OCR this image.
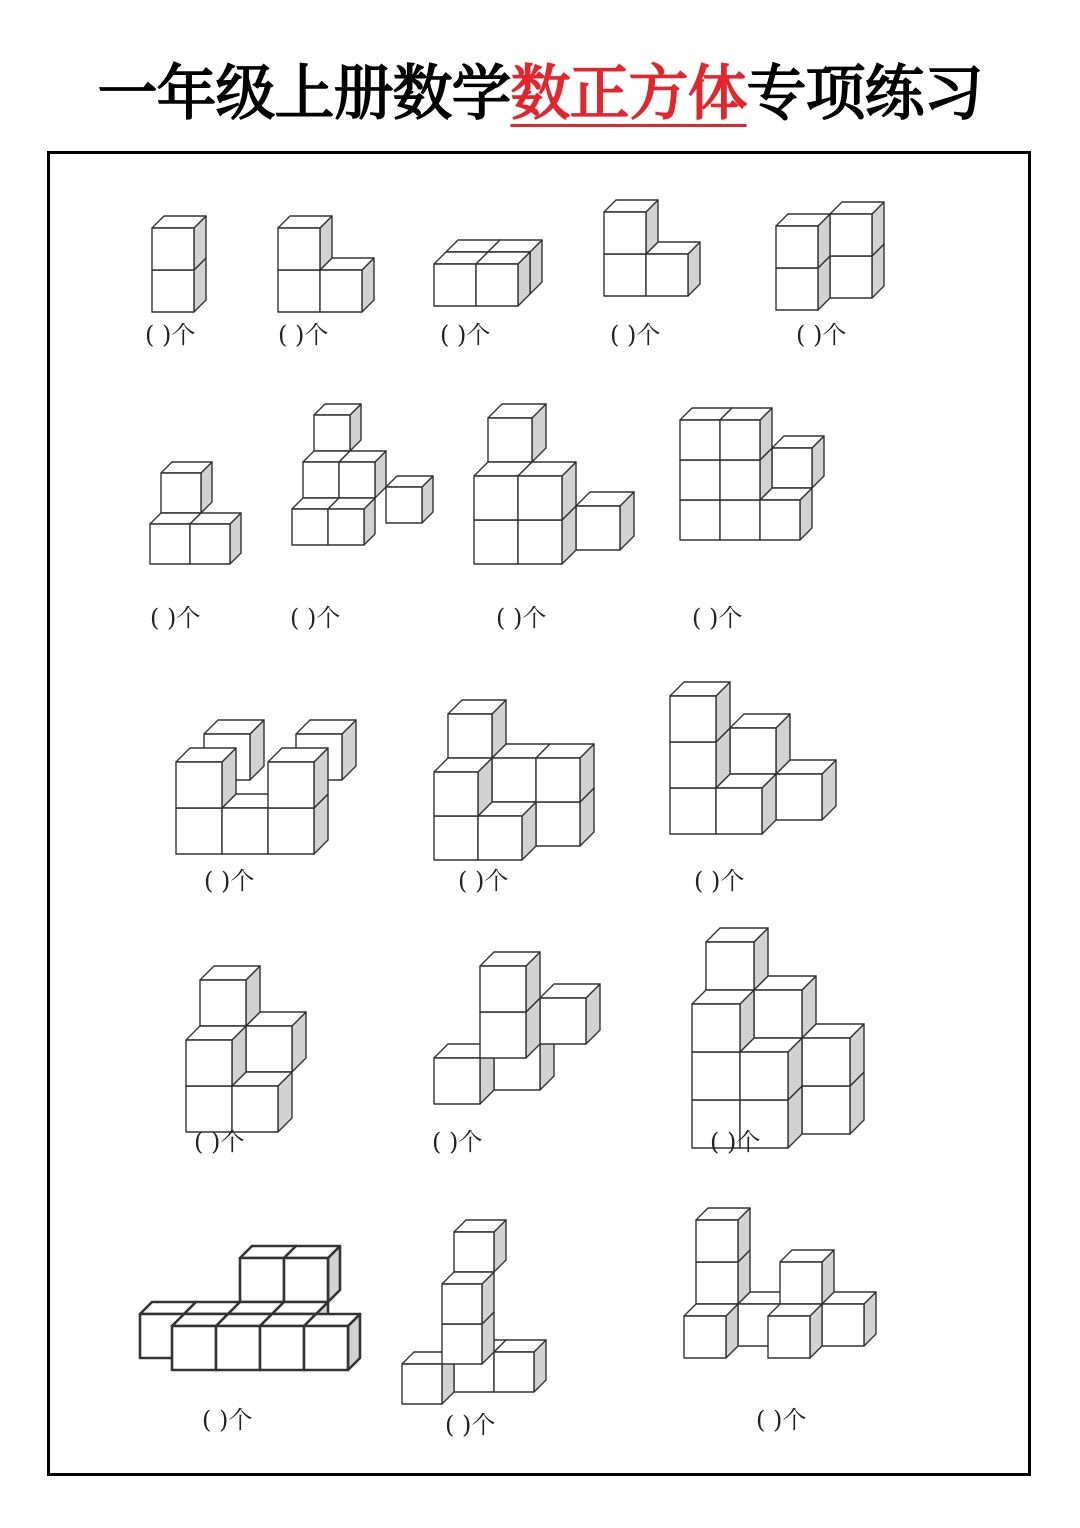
一年级上册数学数正方体专项练习
( )个	( )个	( )个	( )个	( )个
( )个	( )个	( )个	( )个
( )个	( )个	( )个
( )个	( )个	( )个
( )个	( )个	( )个
